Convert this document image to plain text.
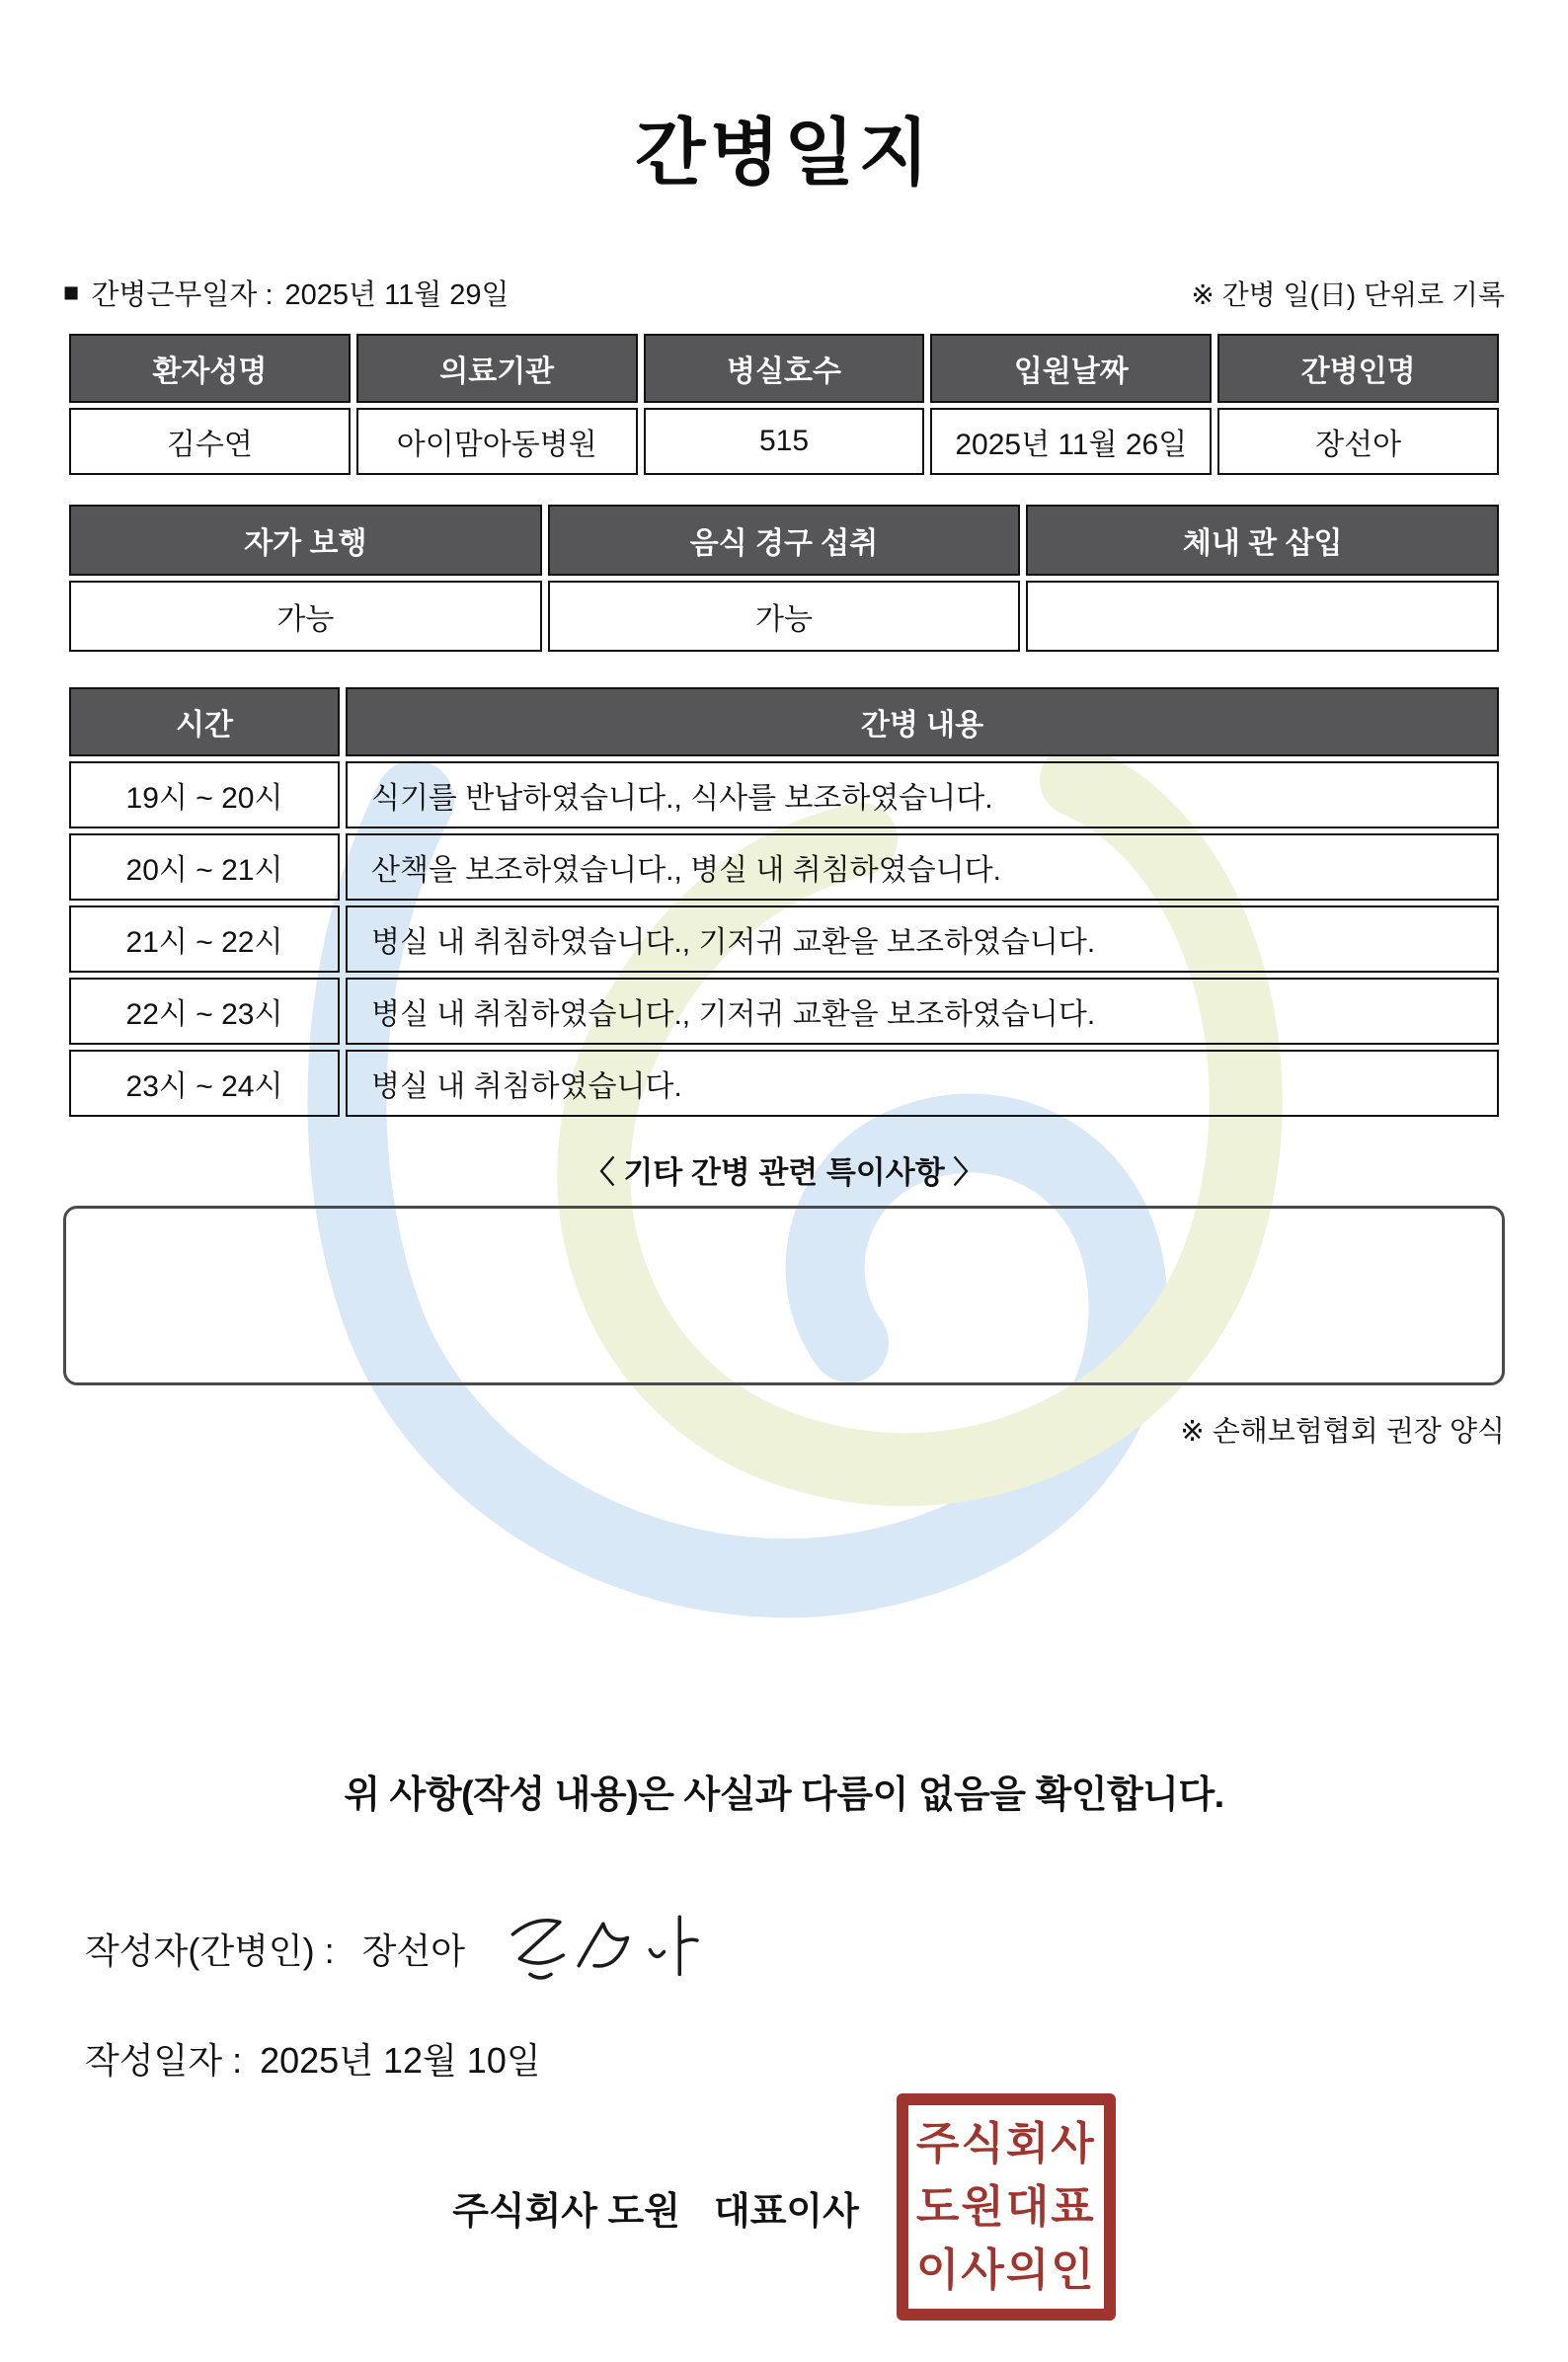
간병일지
■ 간병근무일자 : 2025년 11월 29일	※ 간병 일(日) 단위로 기록
환자성명	의료기관	병실호수	입원날짜	간병인명
김수연	아이맘아동병원	515	2025년 11월 26일	장선아
자가 보행	음식 경구 섭취	체내 관 삽입
가능	가능	
시간	간병 내용
19시 ~ 20시	식기를 반납하였습니다., 식사를 보조하였습니다.
20시 ~ 21시	산책을 보조하였습니다., 병실 내 취침하였습니다.
21시 ~ 22시	병실 내 취침하였습니다., 기저귀 교환을 보조하였습니다.
22시 ~ 23시	병실 내 취침하였습니다., 기저귀 교환을 보조하였습니다.
23시 ~ 24시	병실 내 취침하였습니다.
〈 기타 간병 관련 특이사항 〉
※ 손해보험협회 권장 양식
위 사항(작성 내용)은 사실과 다름이 없음을 확인합니다.
작성자(간병인) : 장선아
작성일자 : 2025년 12월 10일
주식회사 도원 대표이사
주식회사
도원대표
이사의인
